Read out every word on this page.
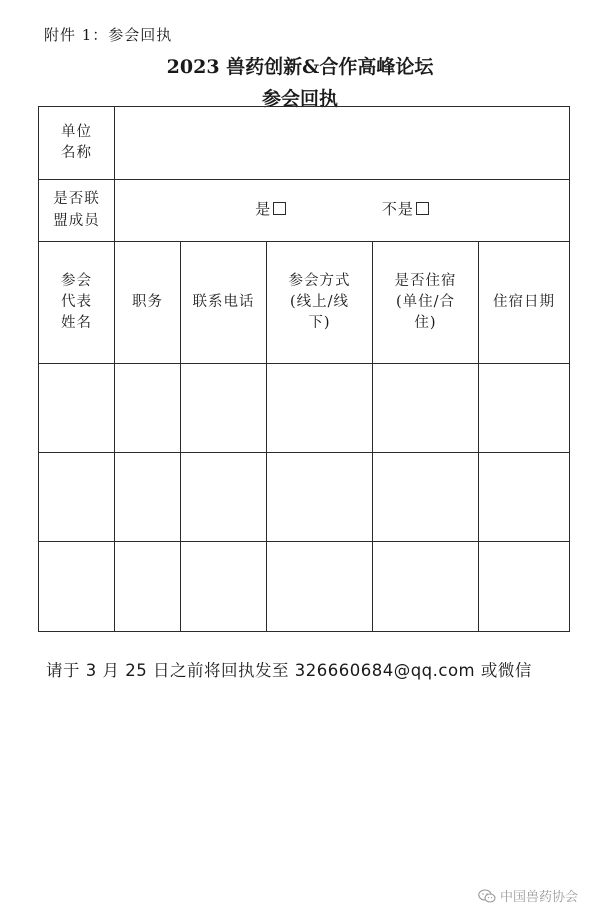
附件 1：参会回执
2023 兽药创新&合作高峰论坛
参会回执
单位名称					
是否联盟成员	是 不是				
参会代表姓名	职务	联系电话	参会方式(线上/线下)	是否住宿(单住/合住)	住宿日期

请于 3 月 25 日之前将回执发至 326660684@qq.com 或微信
中国兽药协会
